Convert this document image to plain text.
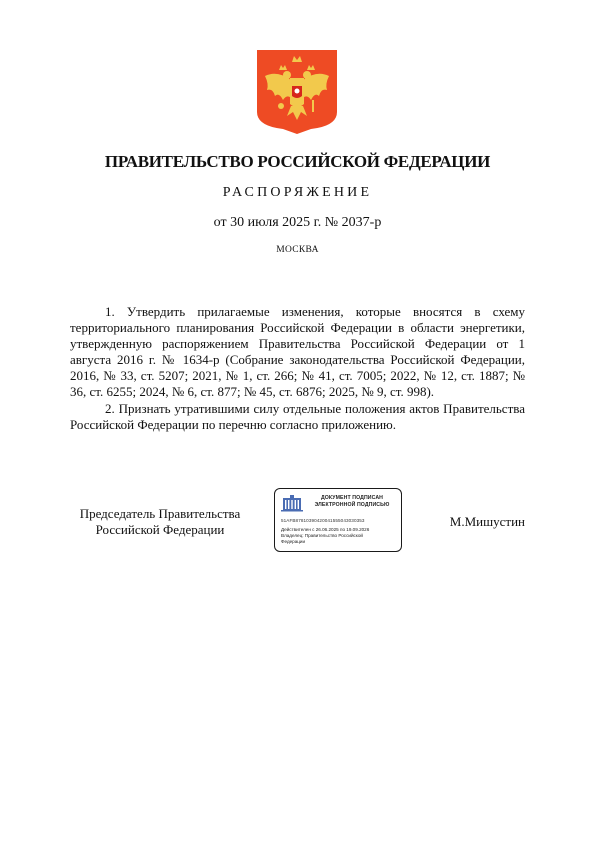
ПРАВИТЕЛЬСТВО РОССИЙСКОЙ ФЕДЕРАЦИИ
РАСПОРЯЖЕНИЕ
от 30 июля 2025 г. № 2037-р
МОСКВА

1. Утвердить прилагаемые изменения, которые вносятся в схему территориального планирования Российской Федерации в области энергетики, утвержденную распоряжением Правительства Российской Федерации от 1 августа 2016 г. № 1634-р (Собрание законодательства Российской Федерации, 2016, № 33, ст. 5207; 2021, № 1, ст. 266; № 41, ст. 7005; 2022, № 12, ст. 1887; № 36, ст. 6255; 2024, № 6, ст. 877; № 45, ст. 6876; 2025, № 9, ст. 998).

2. Признать утратившими силу отдельные положения актов Правительства Российской Федерации по перечню согласно приложению.

Председатель Правительства
Российской Федерации
ДОКУМЕНТ ПОДПИСАН
ЭЛЕКТРОННОЙ ПОДПИСЬЮ
51AFB87810390420041555043030353
Действителен с 26.06.2025 по 19.09.2026
Владелец: Правительство Российской
Федерации
М.Мишустин
